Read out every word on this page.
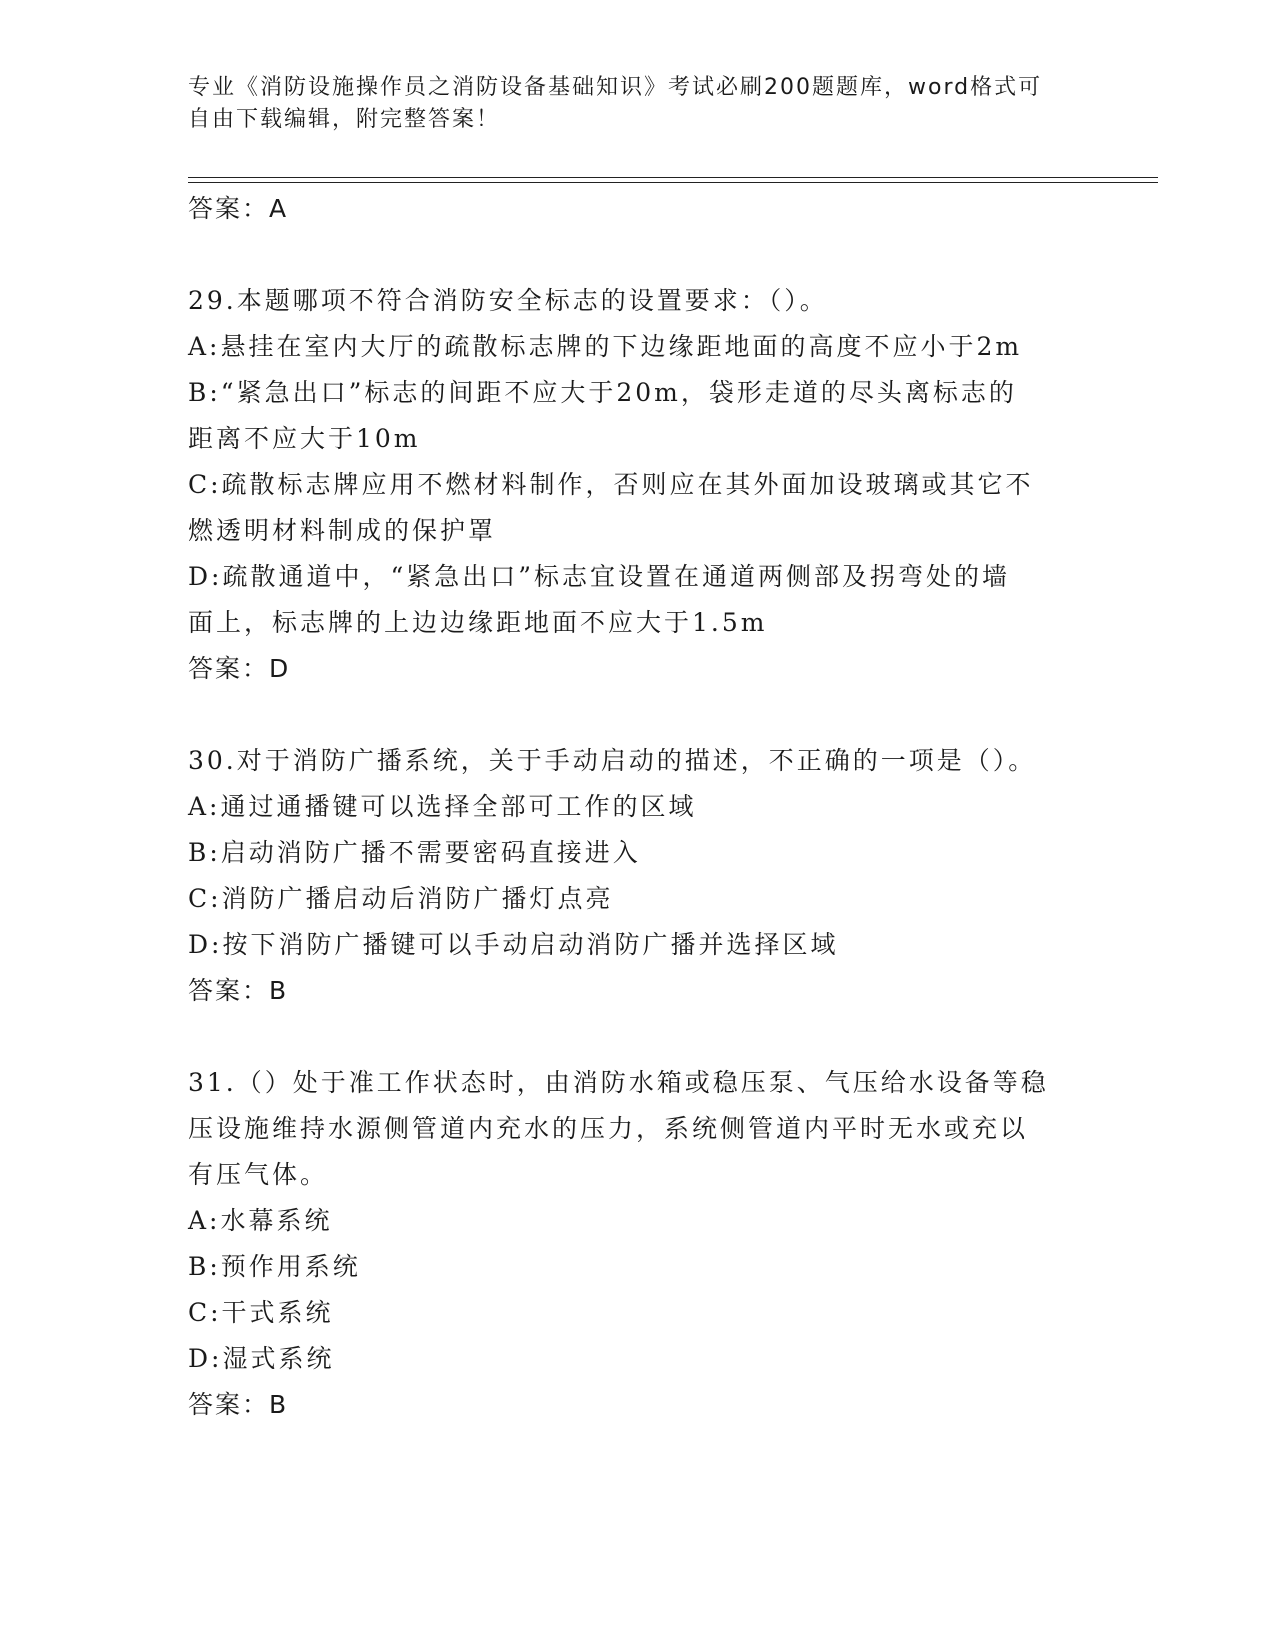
专业《消防设施操作员之消防设备基础知识》考试必刷200题题库，word格式可

自由下载编辑，附完整答案！

答案：A
29.本题哪项不符合消防安全标志的设置要求：（）。
A:悬挂在室内大厅的疏散标志牌的下边缘距地面的高度不应小于2m
B:“紧急出口”标志的间距不应大于20m，袋形走道的尽头离标志的
距离不应大于10m
C:疏散标志牌应用不燃材料制作，否则应在其外面加设玻璃或其它不
燃透明材料制成的保护罩
D:疏散通道中，“紧急出口”标志宜设置在通道两侧部及拐弯处的墙
面上，标志牌的上边边缘距地面不应大于1.5m
答案：D
30.对于消防广播系统，关于手动启动的描述，不正确的一项是（）。
A:通过通播键可以选择全部可工作的区域
B:启动消防广播不需要密码直接进入
C:消防广播启动后消防广播灯点亮
D:按下消防广播键可以手动启动消防广播并选择区域
答案：B
31.（）处于准工作状态时，由消防水箱或稳压泵、气压给水设备等稳
压设施维持水源侧管道内充水的压力，系统侧管道内平时无水或充以
有压气体。
A:水幕系统
B:预作用系统
C:干式系统
D:湿式系统
答案：B
